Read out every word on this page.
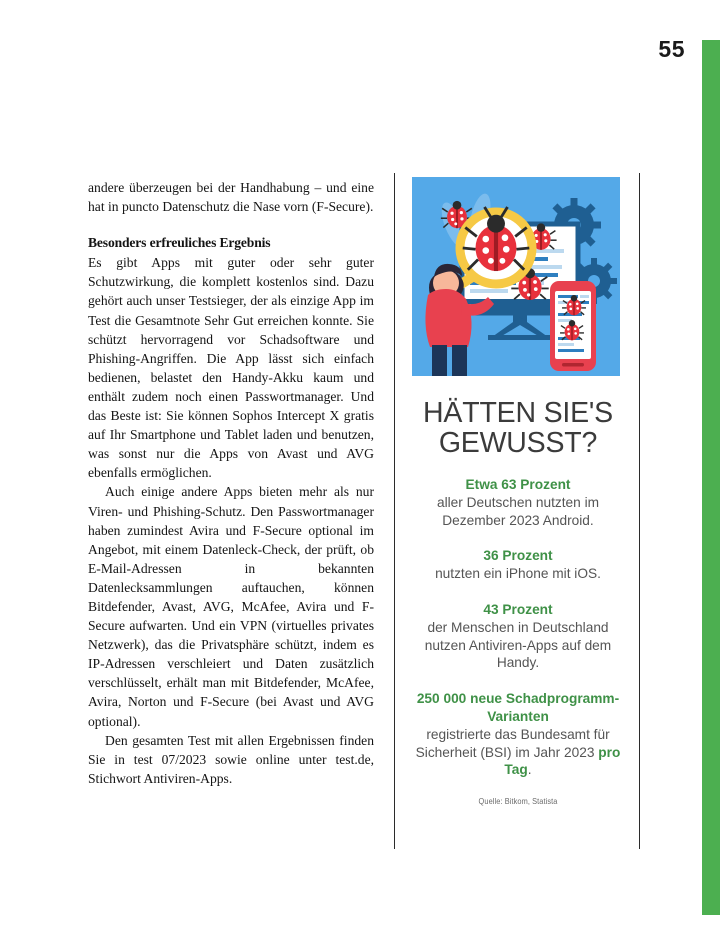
55

andere überzeugen bei der Handhabung – und eine hat in puncto Datenschutz die Nase vorn (F-Secure).

Besonders erfreuliches Ergebnis

Es gibt Apps mit guter oder sehr guter Schutzwirkung, die komplett kostenlos sind. Dazu gehört auch unser Testsieger, der als einzige App im Test die Gesamtnote Sehr Gut erreichen konnte. Sie schützt hervorragend vor Schadsoftware und Phishing-Angriffen. Die App lässt sich einfach bedienen, belastet den Handy-Akku kaum und enthält zudem noch einen Passwortmanager. Und das Beste ist: Sie können Sophos Intercept X gratis auf Ihr Smartphone und Tablet laden und benutzen, was sonst nur die Apps von Avast und AVG ebenfalls ermöglichen.

Auch einige andere Apps bieten mehr als nur Viren- und Phishing-Schutz. Den Passwortmanager haben zumindest Avira und F-Secure optional im Angebot, mit einem Datenleck-Check, der prüft, ob E-Mail-Adressen in bekannten Datenlecksammlungen auftauchen, können Bitdefender, Avast, AVG, McAfee, Avira und F-Secure aufwarten. Und ein VPN (virtuelles privates Netzwerk), das die Privatsphäre schützt, indem es IP-Adressen verschleiert und Daten zusätzlich verschlüsselt, erhält man mit Bitdefender, McAfee, Avira, Norton und F-Secure (bei Avast und AVG optional).

Den gesamten Test mit allen Ergebnissen finden Sie in test 07/2023 sowie online unter test.de, Stichwort Antiviren-Apps.

HÄTTEN SIE'S
GEWUSST?

Etwa 63 Prozent
aller Deutschen nutzten im Dezember 2023 Android.

36 Prozent
nutzten ein iPhone mit iOS.

43 Prozent
der Menschen in Deutschland nutzen Antiviren-Apps auf dem Handy.

250 000 neue Schadprogramm-Varianten
registrierte das Bundesamt für Sicherheit (BSI) im Jahr 2023 pro Tag.

Quelle: Bitkom, Statista
